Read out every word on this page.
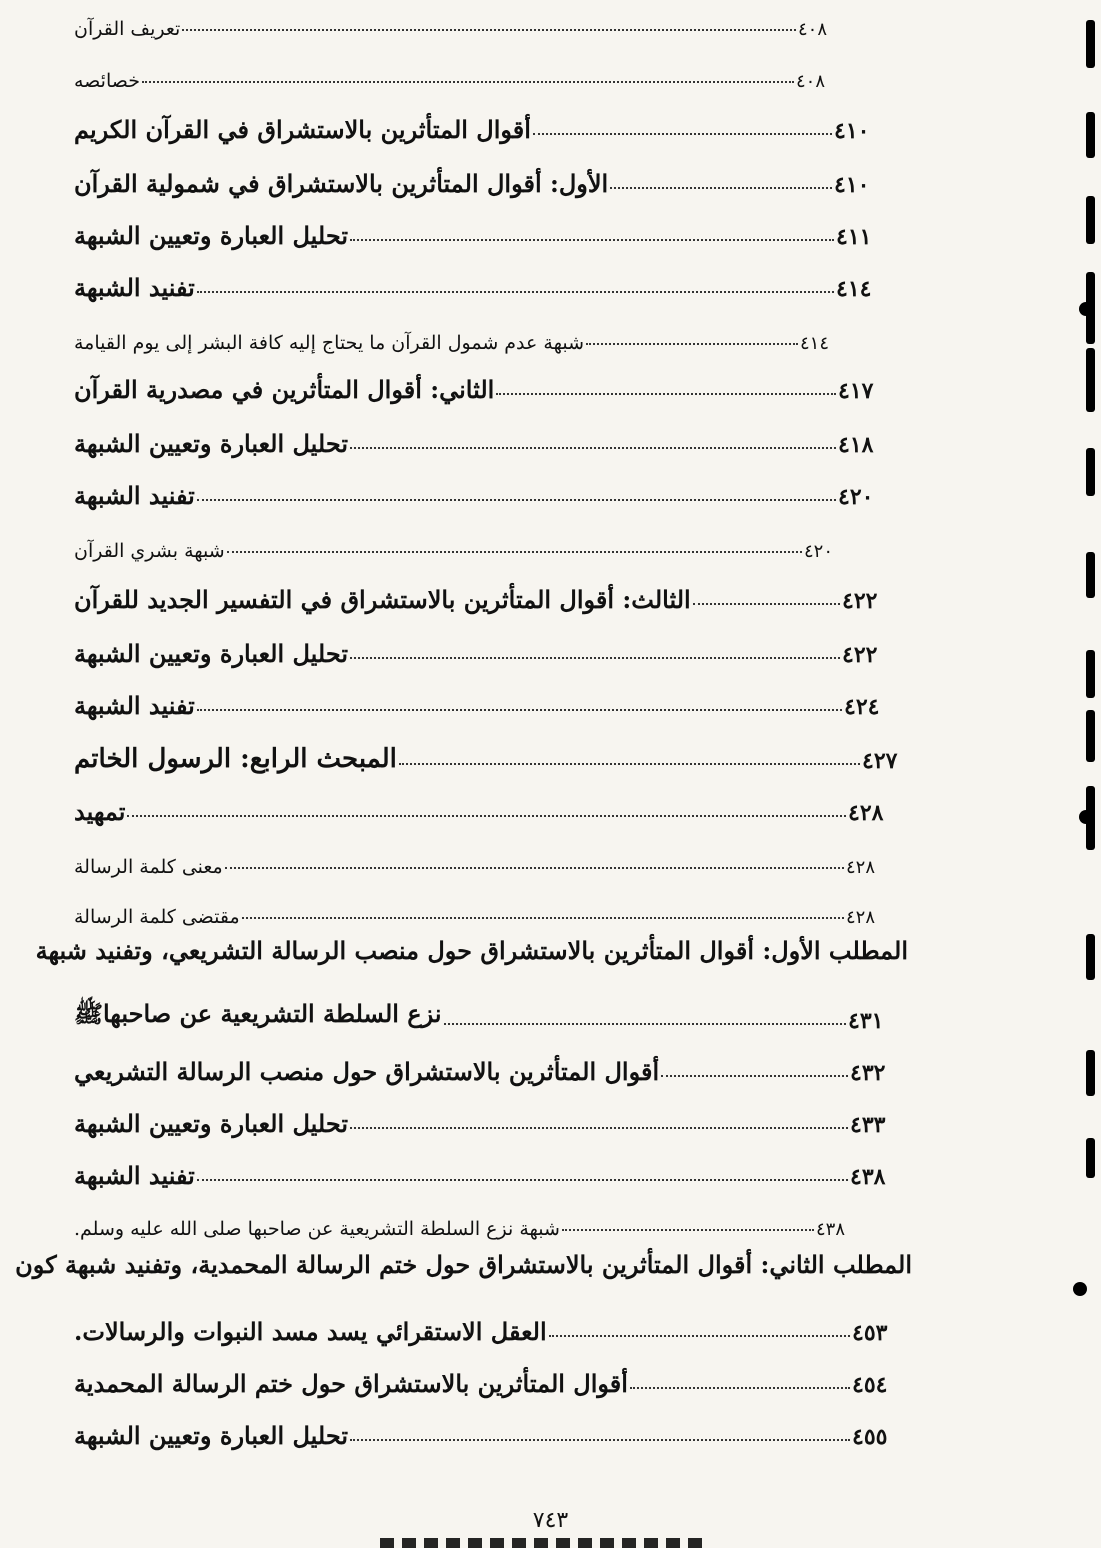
تعريف القرآن	٤٠٨
خصائصه	٤٠٨
أقوال المتأثرين بالاستشراق في القرآن الكريم	٤١٠
الأول: أقوال المتأثرين بالاستشراق في شمولية القرآن	٤١٠
تحليل العبارة وتعيين الشبهة	٤١١
تفنيد الشبهة	٤١٤
شبهة عدم شمول القرآن ما يحتاج إليه كافة البشر إلى يوم القيامة	٤١٤
الثاني: أقوال المتأثرين في مصدرية القرآن	٤١٧
تحليل العبارة وتعيين الشبهة	٤١٨
تفنيد الشبهة	٤٢٠
شبهة بشري القرآن	٤٢٠
الثالث: أقوال المتأثرين بالاستشراق في التفسير الجديد للقرآن	٤٢٢
تحليل العبارة وتعيين الشبهة	٤٢٢
تفنيد الشبهة	٤٢٤
المبحث الرابع: الرسول الخاتم	٤٢٧
تمهيد	٤٢٨
معنى كلمة الرسالة	٤٢٨
مقتضى كلمة الرسالة	٤٢٨
المطلب الأول: أقوال المتأثرين بالاستشراق حول منصب الرسالة التشريعي، وتفنيد شبهة
نزع السلطة التشريعية عن صاحبهاﷺ	٤٣١
أقوال المتأثرين بالاستشراق حول منصب الرسالة التشريعي	٤٣٢
تحليل العبارة وتعيين الشبهة	٤٣٣
تفنيد الشبهة	٤٣٨
شبهة نزع السلطة التشريعية عن صاحبها صلى الله عليه وسلم.	٤٣٨
المطلب الثاني: أقوال المتأثرين بالاستشراق حول ختم الرسالة المحمدية، وتفنيد شبهة كون
العقل الاستقرائي يسد مسد النبوات والرسالات.	٤٥٣
أقوال المتأثرين بالاستشراق حول ختم الرسالة المحمدية	٤٥٤
تحليل العبارة وتعيين الشبهة	٤٥٥
٧٤٣
